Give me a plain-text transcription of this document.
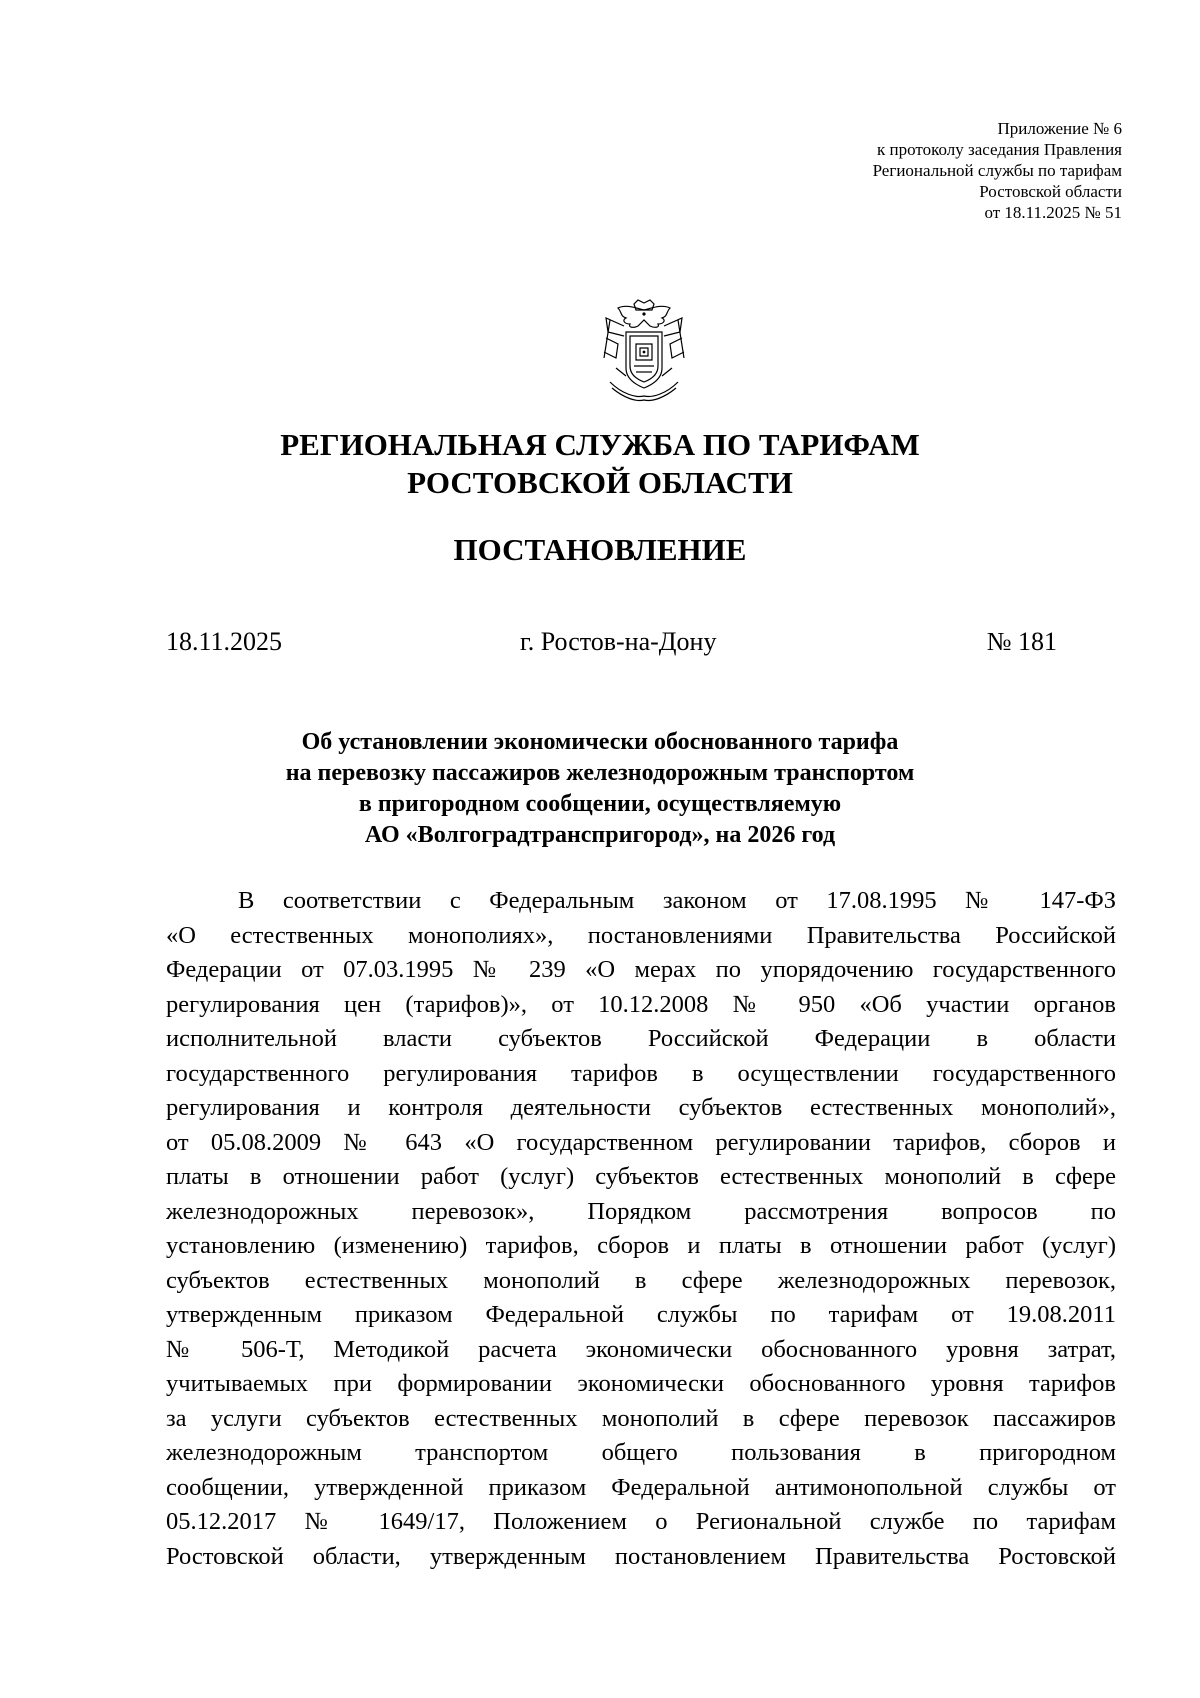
Приложение № 6
к протоколу заседания Правления
Региональной службы по тарифам
Ростовской области
от 18.11.2025 № 51
РЕГИОНАЛЬНАЯ СЛУЖБА ПО ТАРИФАМ
РОСТОВСКОЙ ОБЛАСТИ
ПОСТАНОВЛЕНИЕ
18.11.2025	г. Ростов-на-Дону	№ 181
Об установлении экономически обоснованного тарифа
на перевозку пассажиров железнодорожным транспортом
в пригородном сообщении, осуществляемую
АО «Волгоградтранспригород», на 2026 год
В соответствии с Федеральным законом от 17.08.1995 № 147-ФЗ
«О естественных монополиях», постановлениями Правительства Российской
Федерации от 07.03.1995 № 239 «О мерах по упорядочению государственного
регулирования цен (тарифов)», от 10.12.2008 № 950 «Об участии органов
исполнительной власти субъектов Российской Федерации в области
государственного регулирования тарифов в осуществлении государственного
регулирования и контроля деятельности субъектов естественных монополий»,
от 05.08.2009 № 643 «О государственном регулировании тарифов, сборов и
платы в отношении работ (услуг) субъектов естественных монополий в сфере
железнодорожных перевозок», Порядком рассмотрения вопросов по
установлению (изменению) тарифов, сборов и платы в отношении работ (услуг)
субъектов естественных монополий в сфере железнодорожных перевозок,
утвержденным приказом Федеральной службы по тарифам от 19.08.2011
№ 506-Т, Методикой расчета экономически обоснованного уровня затрат,
учитываемых при формировании экономически обоснованного уровня тарифов
за услуги субъектов естественных монополий в сфере перевозок пассажиров
железнодорожным транспортом общего пользования в пригородном
сообщении, утвержденной приказом Федеральной антимонопольной службы от
05.12.2017 № 1649/17, Положением о Региональной службе по тарифам
Ростовской области, утвержденным постановлением Правительства Ростовской
